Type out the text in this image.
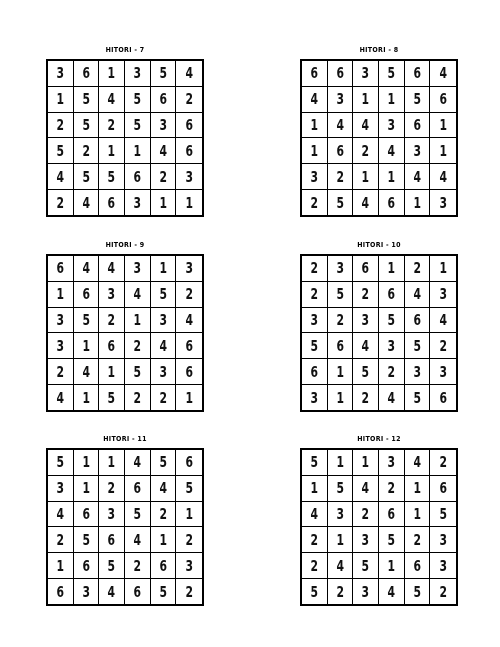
HITORI - 7
3 6 1 3 5 4
1 5 4 5 6 2
2 5 2 5 3 6
5 2 1 1 4 6
4 5 5 6 2 3
2 4 6 3 1 1
HITORI - 8
6 6 3 5 6 4
4 3 1 1 5 6
1 4 4 3 6 1
1 6 2 4 3 1
3 2 1 1 4 4
2 5 4 6 1 3
HITORI - 9
6 4 4 3 1 3
1 6 3 4 5 2
3 5 2 1 3 4
3 1 6 2 4 6
2 4 1 5 3 6
4 1 5 2 2 1
HITORI - 10
2 3 6 1 2 1
2 5 2 6 4 3
3 2 3 5 6 4
5 6 4 3 5 2
6 1 5 2 3 3
3 1 2 4 5 6
HITORI - 11
5 1 1 4 5 6
3 1 2 6 4 5
4 6 3 5 2 1
2 5 6 4 1 2
1 6 5 2 6 3
6 3 4 6 5 2
HITORI - 12
5 1 1 3 4 2
1 5 4 2 1 6
4 3 2 6 1 5
2 1 3 5 2 3
2 4 5 1 6 3
5 2 3 4 5 2
